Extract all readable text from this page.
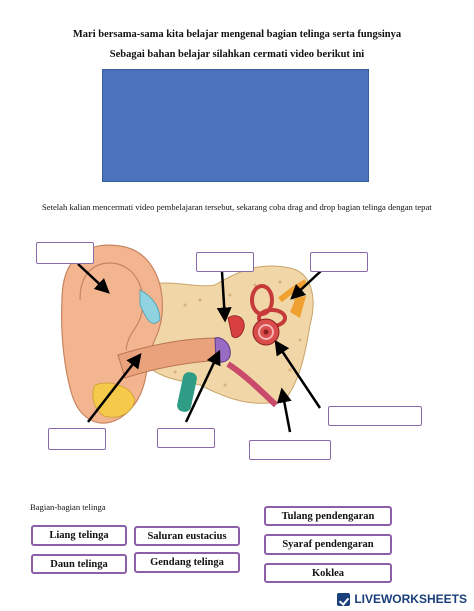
Mari bersama-sama kita belajar mengenal bagian telinga serta fungsinya
Sebagai bahan belajar silahkan cermati video berikut ini
Setelah kalian mencermati video pembelajaran tersebut, sekarang coba drag and drop bagian telinga dengan tepat
Bagian-bagian telinga
Liang telinga	Saluran eustacius
Tulang pendengaran
Daun telinga	Gendang telinga
Syaraf pendengaran
Koklea
LIVE WORKSHEETS
